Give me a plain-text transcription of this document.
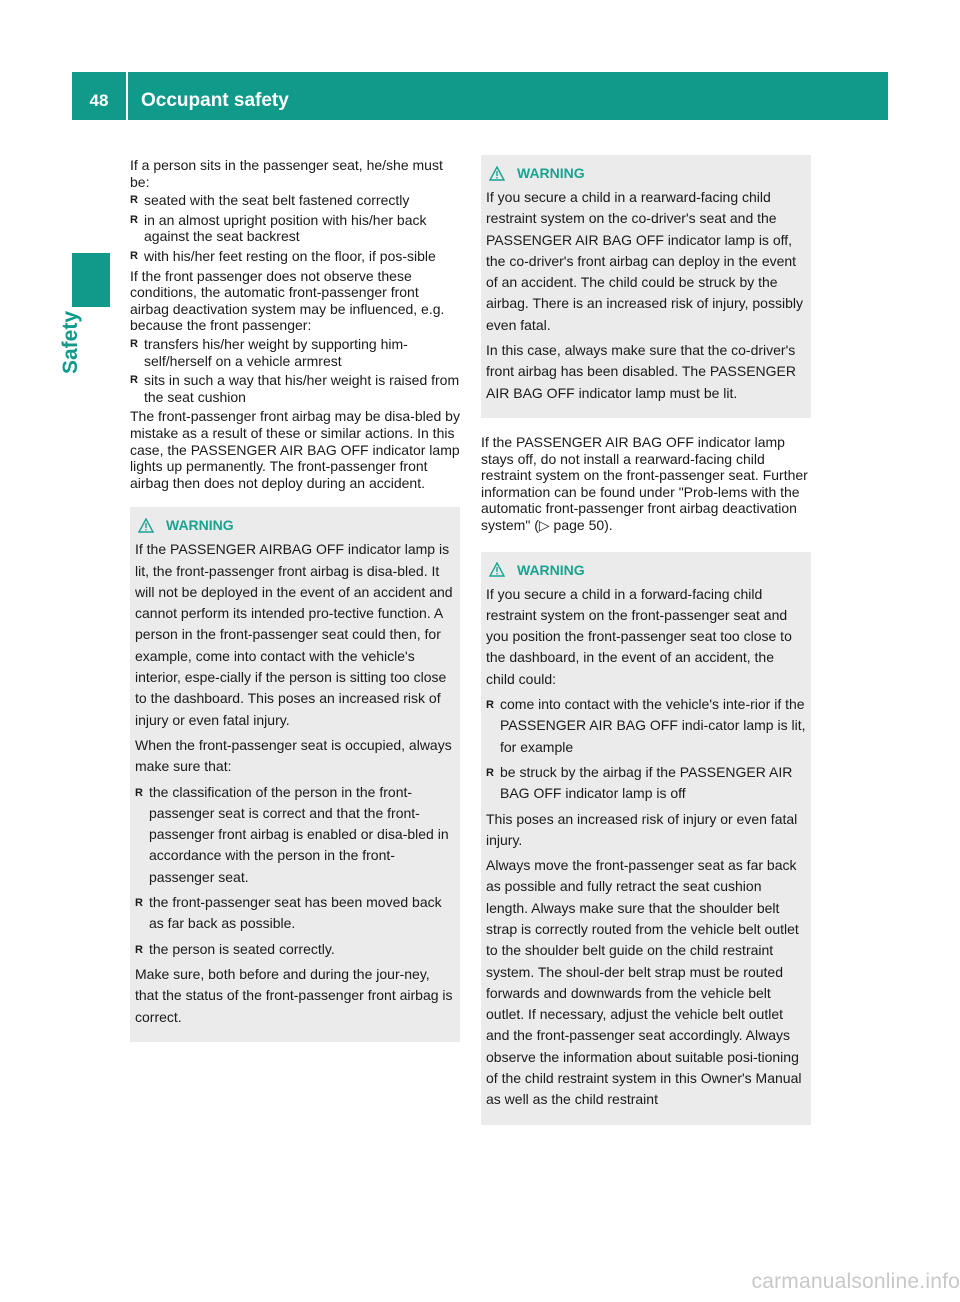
48	Occupant safety
Safety

If a person sits in the passenger seat, he/she must be:

R seated with the seat belt fastened correctly
R in an almost upright position with his/her back against the seat backrest
R with his/her feet resting on the floor, if pos-sible

If the front passenger does not observe these conditions, the automatic front-passenger front airbag deactivation system may be influenced, e.g. because the front passenger:

R transfers his/her weight by supporting him-self/herself on a vehicle armrest
R sits in such a way that his/her weight is raised from the seat cushion

The front-passenger front airbag may be disa-bled by mistake as a result of these or similar actions. In this case, the PASSENGER AIR BAG OFF indicator lamp lights up permanently. The front-passenger front airbag then does not deploy during an accident.

WARNING

If the PASSENGER AIRBAG OFF indicator lamp is lit, the front-passenger front airbag is disa-bled. It will not be deployed in the event of an accident and cannot perform its intended pro-tective function. A person in the front-passenger seat could then, for example, come into contact with the vehicle's interior, espe-cially if the person is sitting too close to the dashboard. This poses an increased risk of injury or even fatal injury.

When the front-passenger seat is occupied, always make sure that:

R the classification of the person in the front-passenger seat is correct and that the front-passenger front airbag is enabled or disa-bled in accordance with the person in the front-passenger seat.
R the front-passenger seat has been moved back as far back as possible.
R the person is seated correctly.

Make sure, both before and during the jour-ney, that the status of the front-passenger front airbag is correct.

WARNING

If you secure a child in a rearward-facing child restraint system on the co-driver's seat and the PASSENGER AIR BAG OFF indicator lamp is off, the co-driver's front airbag can deploy in the event of an accident. The child could be struck by the airbag. There is an increased risk of injury, possibly even fatal.

In this case, always make sure that the co-driver's front airbag has been disabled. The PASSENGER AIR BAG OFF indicator lamp must be lit.

If the PASSENGER AIR BAG OFF indicator lamp stays off, do not install a rearward-facing child restraint system on the front-passenger seat. Further information can be found under "Prob-lems with the automatic front-passenger front airbag deactivation system" (▷ page 50).

WARNING

If you secure a child in a forward-facing child restraint system on the front-passenger seat and you position the front-passenger seat too close to the dashboard, in the event of an accident, the child could:

R come into contact with the vehicle's inte-rior if the PASSENGER AIR BAG OFF indi-cator lamp is lit, for example
R be struck by the airbag if the PASSENGER AIR BAG OFF indicator lamp is off

This poses an increased risk of injury or even fatal injury.

Always move the front-passenger seat as far back as possible and fully retract the seat cushion length. Always make sure that the shoulder belt strap is correctly routed from the vehicle belt outlet to the shoulder belt guide on the child restraint system. The shoul-der belt strap must be routed forwards and downwards from the vehicle belt outlet. If necessary, adjust the vehicle belt outlet and the front-passenger seat accordingly. Always observe the information about suitable posi-tioning of the child restraint system in this Owner's Manual as well as the child restraint

carmanualsonline.info
